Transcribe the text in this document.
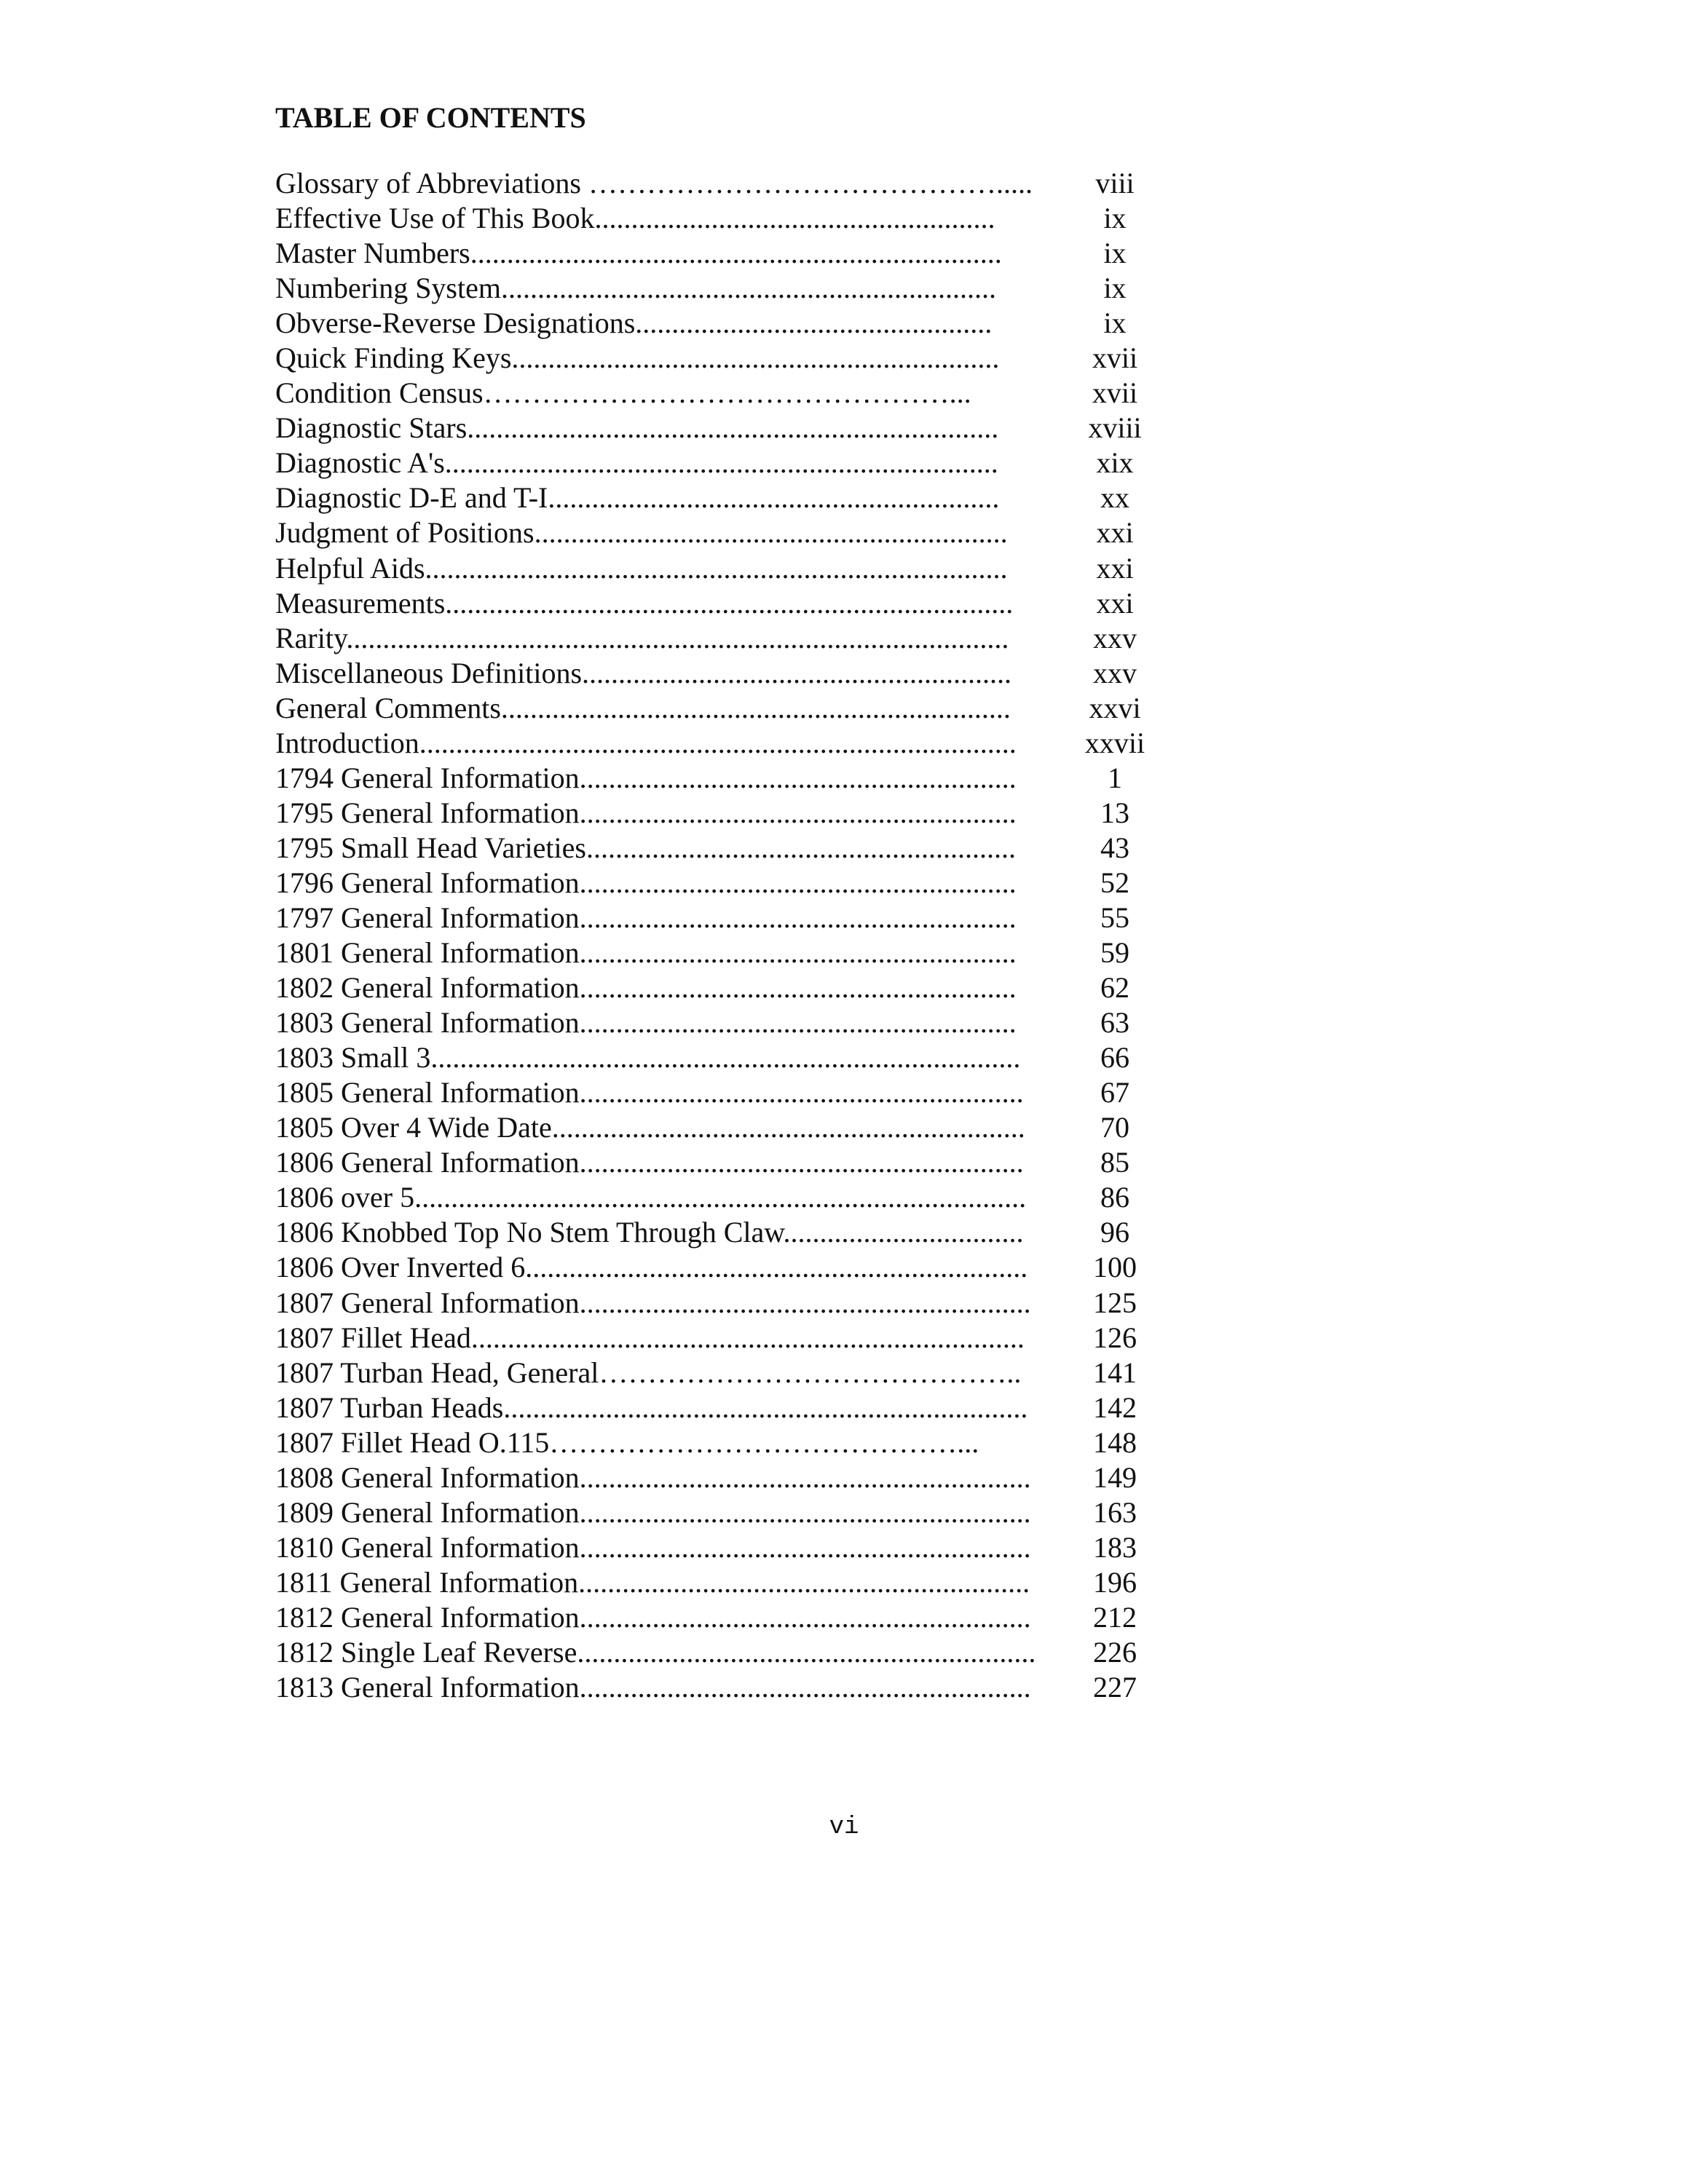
TABLE OF CONTENTS
Glossary of Abbreviations …………………………………….....	viii
Effective Use of This Book.......................................................	ix
Master Numbers.........................................................................	ix
Numbering System....................................................................	ix
Obverse-Reverse Designations.................................................	ix
Quick Finding Keys...................................................................	xvii
Condition Census…………………………………………...	xvii
Diagnostic Stars.........................................................................	xviii
Diagnostic A's............................................................................	xix
Diagnostic D-E and T-I..............................................................	xx
Judgment of Positions.................................................................	xxi
Helpful Aids................................................................................	xxi
Measurements..............................................................................	xxi
Rarity...........................................................................................	xxv
Miscellaneous Definitions...........................................................	xxv
General Comments......................................................................	xxvi
Introduction..................................................................................	xxvii
1794 General Information............................................................	1
1795 General Information............................................................	13
1795 Small Head Varieties...........................................................	43
1796 General Information............................................................	52
1797 General Information............................................................	55
1801 General Information............................................................	59
1802 General Information............................................................	62
1803 General Information............................................................	63
1803 Small 3.................................................................................	66
1805 General Information.............................................................	67
1805 Over 4 Wide Date.................................................................	70
1806 General Information.............................................................	85
1806 over 5....................................................................................	86
1806 Knobbed Top No Stem Through Claw.................................	96
1806 Over Inverted 6.....................................................................	100
1807 General Information..............................................................	125
1807 Fillet Head............................................................................	126
1807 Turban Head, General……………………………………..	141
1807 Turban Heads........................................................................	142
1807 Fillet Head O.115……………………………………...	148
1808 General Information..............................................................	149
1809 General Information..............................................................	163
1810 General Information..............................................................	183
1811 General Information..............................................................	196
1812 General Information..............................................................	212
1812 Single Leaf Reverse...............................................................	226
1813 General Information..............................................................	227
vi
